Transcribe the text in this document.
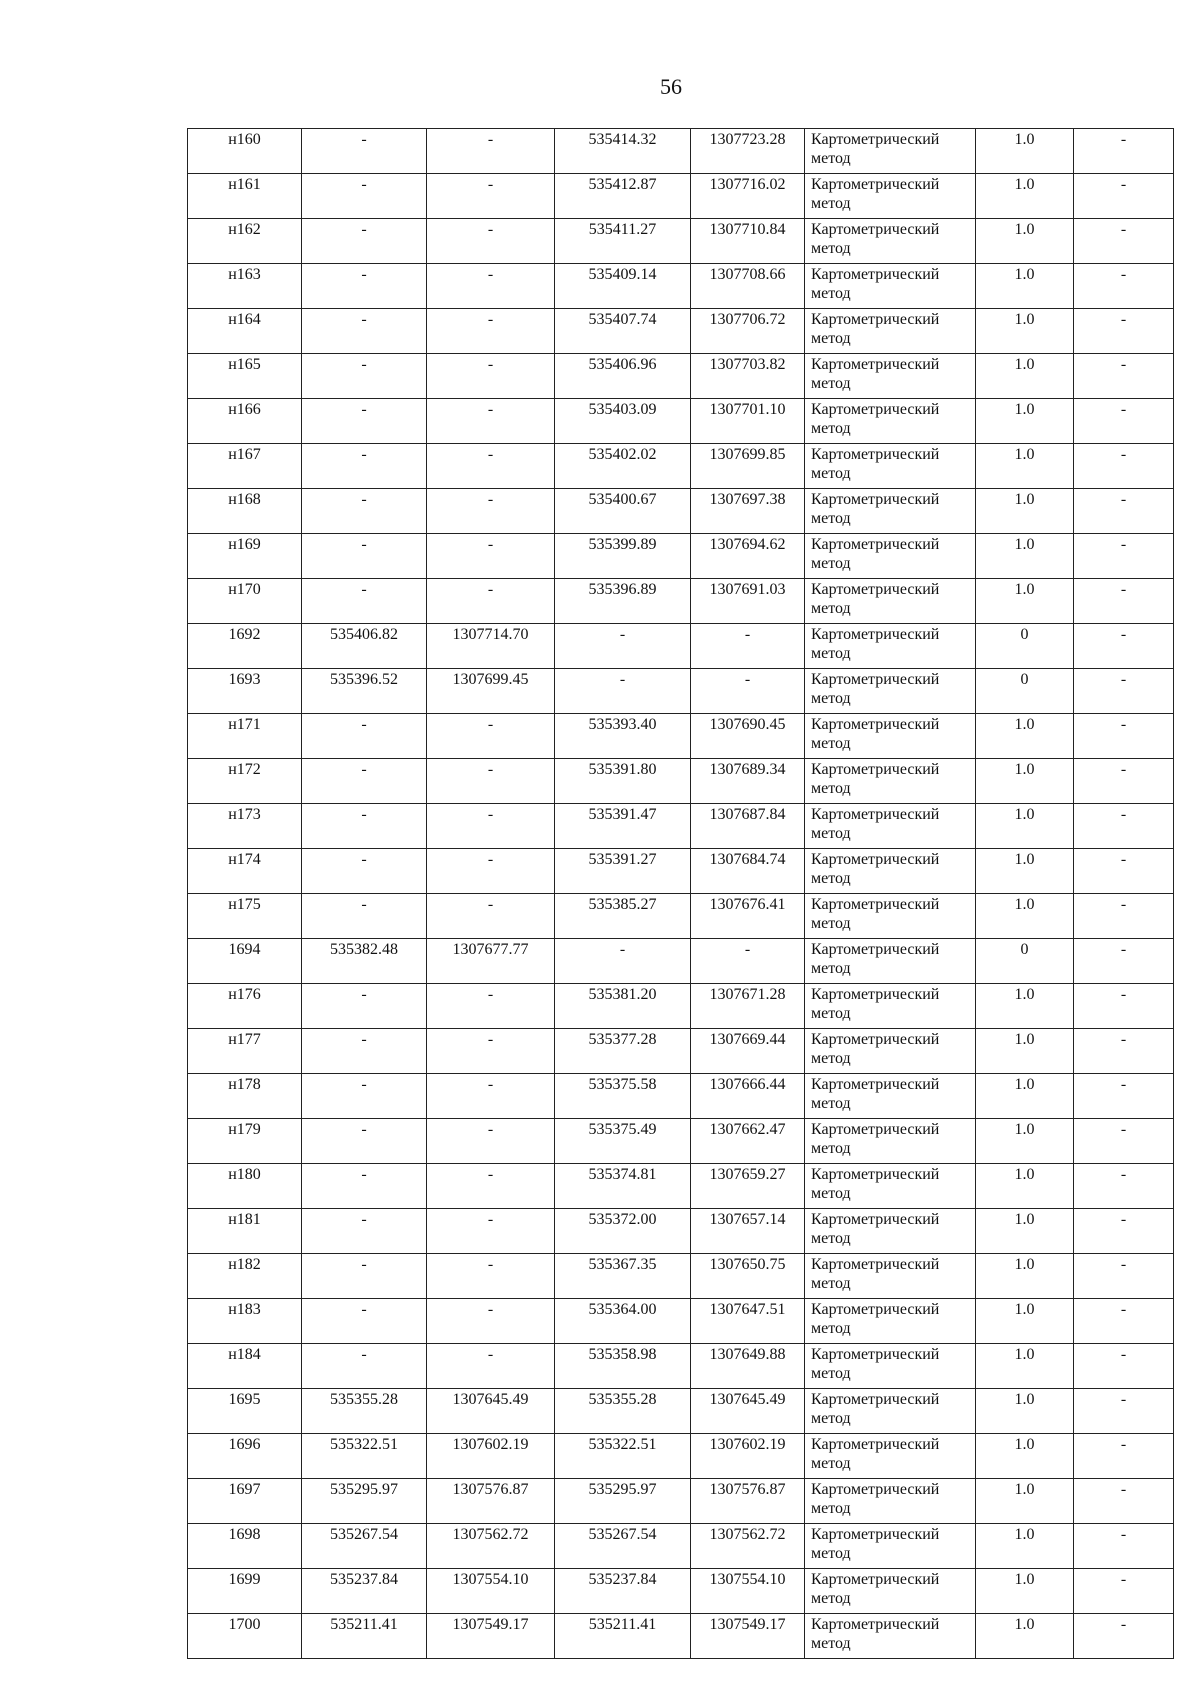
56
н160	-	-	535414.32	1307723.28	Картометрический метод	1.0	-
н161	-	-	535412.87	1307716.02	Картометрический метод	1.0	-
н162	-	-	535411.27	1307710.84	Картометрический метод	1.0	-
н163	-	-	535409.14	1307708.66	Картометрический метод	1.0	-
н164	-	-	535407.74	1307706.72	Картометрический метод	1.0	-
н165	-	-	535406.96	1307703.82	Картометрический метод	1.0	-
н166	-	-	535403.09	1307701.10	Картометрический метод	1.0	-
н167	-	-	535402.02	1307699.85	Картометрический метод	1.0	-
н168	-	-	535400.67	1307697.38	Картометрический метод	1.0	-
н169	-	-	535399.89	1307694.62	Картометрический метод	1.0	-
н170	-	-	535396.89	1307691.03	Картометрический метод	1.0	-
1692	535406.82	1307714.70	-	-	Картометрический метод	0	-
1693	535396.52	1307699.45	-	-	Картометрический метод	0	-
н171	-	-	535393.40	1307690.45	Картометрический метод	1.0	-
н172	-	-	535391.80	1307689.34	Картометрический метод	1.0	-
н173	-	-	535391.47	1307687.84	Картометрический метод	1.0	-
н174	-	-	535391.27	1307684.74	Картометрический метод	1.0	-
н175	-	-	535385.27	1307676.41	Картометрический метод	1.0	-
1694	535382.48	1307677.77	-	-	Картометрический метод	0	-
н176	-	-	535381.20	1307671.28	Картометрический метод	1.0	-
н177	-	-	535377.28	1307669.44	Картометрический метод	1.0	-
н178	-	-	535375.58	1307666.44	Картометрический метод	1.0	-
н179	-	-	535375.49	1307662.47	Картометрический метод	1.0	-
н180	-	-	535374.81	1307659.27	Картометрический метод	1.0	-
н181	-	-	535372.00	1307657.14	Картометрический метод	1.0	-
н182	-	-	535367.35	1307650.75	Картометрический метод	1.0	-
н183	-	-	535364.00	1307647.51	Картометрический метод	1.0	-
н184	-	-	535358.98	1307649.88	Картометрический метод	1.0	-
1695	535355.28	1307645.49	535355.28	1307645.49	Картометрический метод	1.0	-
1696	535322.51	1307602.19	535322.51	1307602.19	Картометрический метод	1.0	-
1697	535295.97	1307576.87	535295.97	1307576.87	Картометрический метод	1.0	-
1698	535267.54	1307562.72	535267.54	1307562.72	Картометрический метод	1.0	-
1699	535237.84	1307554.10	535237.84	1307554.10	Картометрический метод	1.0	-
1700	535211.41	1307549.17	535211.41	1307549.17	Картометрический метод	1.0	-
